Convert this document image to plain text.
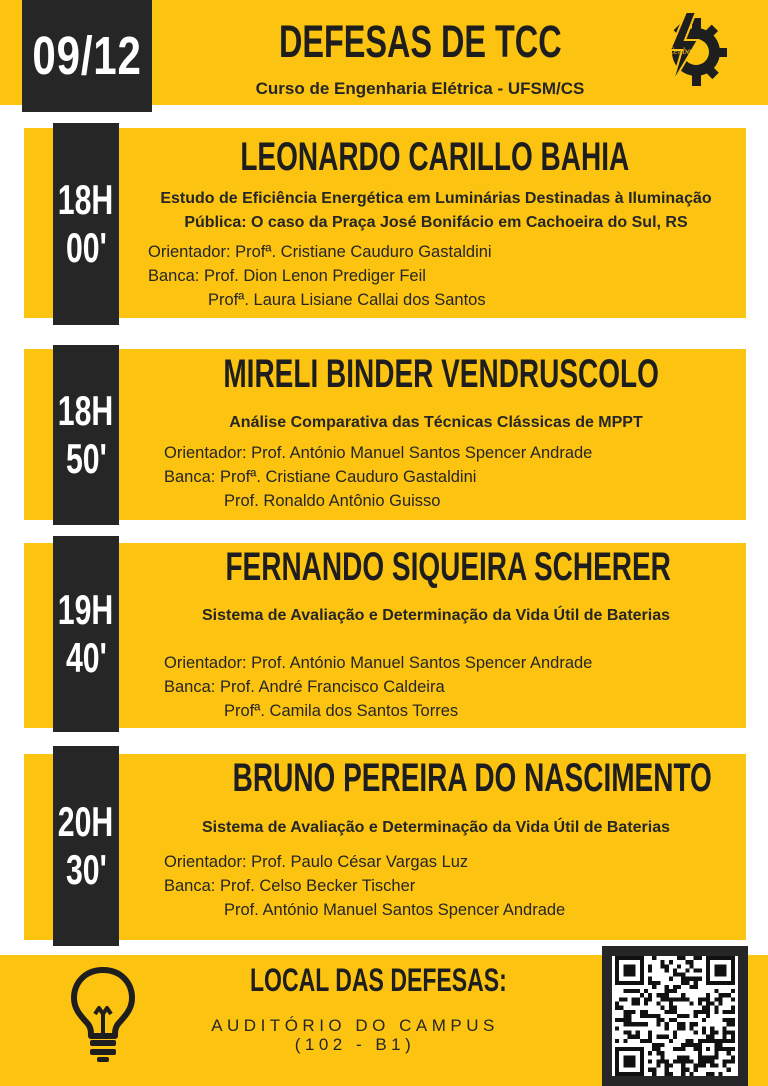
09/12	DEFESAS DE TCC
Curso de Engenharia Elétrica - UFSM/CS
Cenbe
18H
00'
LEONARDO CARILLO BAHIA
Estudo de Eficiência Energética em Luminárias Destinadas à Iluminação
Pública: O caso da Praça José Bonifácio em Cachoeira do Sul, RS
Orientador: Profª. Cristiane Cauduro Gastaldini
Banca: Prof. Dion Lenon Prediger Feil
Profª. Laura Lisiane Callai dos Santos
18H
50'
MIRELI BINDER VENDRUSCOLO
Análise Comparativa das Técnicas Clássicas de MPPT
Orientador: Prof. António Manuel Santos Spencer Andrade
Banca: Profª. Cristiane Cauduro Gastaldini
Prof. Ronaldo Antônio Guisso
19H
40'
FERNANDO SIQUEIRA SCHERER
Sistema de Avaliação e Determinação da Vida Útil de Baterias
Orientador: Prof. António Manuel Santos Spencer Andrade
Banca: Prof. André Francisco Caldeira
Profª. Camila dos Santos Torres
20H
30'
BRUNO PEREIRA DO NASCIMENTO
Sistema de Avaliação e Determinação da Vida Útil de Baterias
Orientador: Prof. Paulo César Vargas Luz
Banca: Prof. Celso Becker Tischer
Prof. António Manuel Santos Spencer Andrade
LOCAL DAS DEFESAS:
AUDITÓRIO DO CAMPUS
(102 - B1)
